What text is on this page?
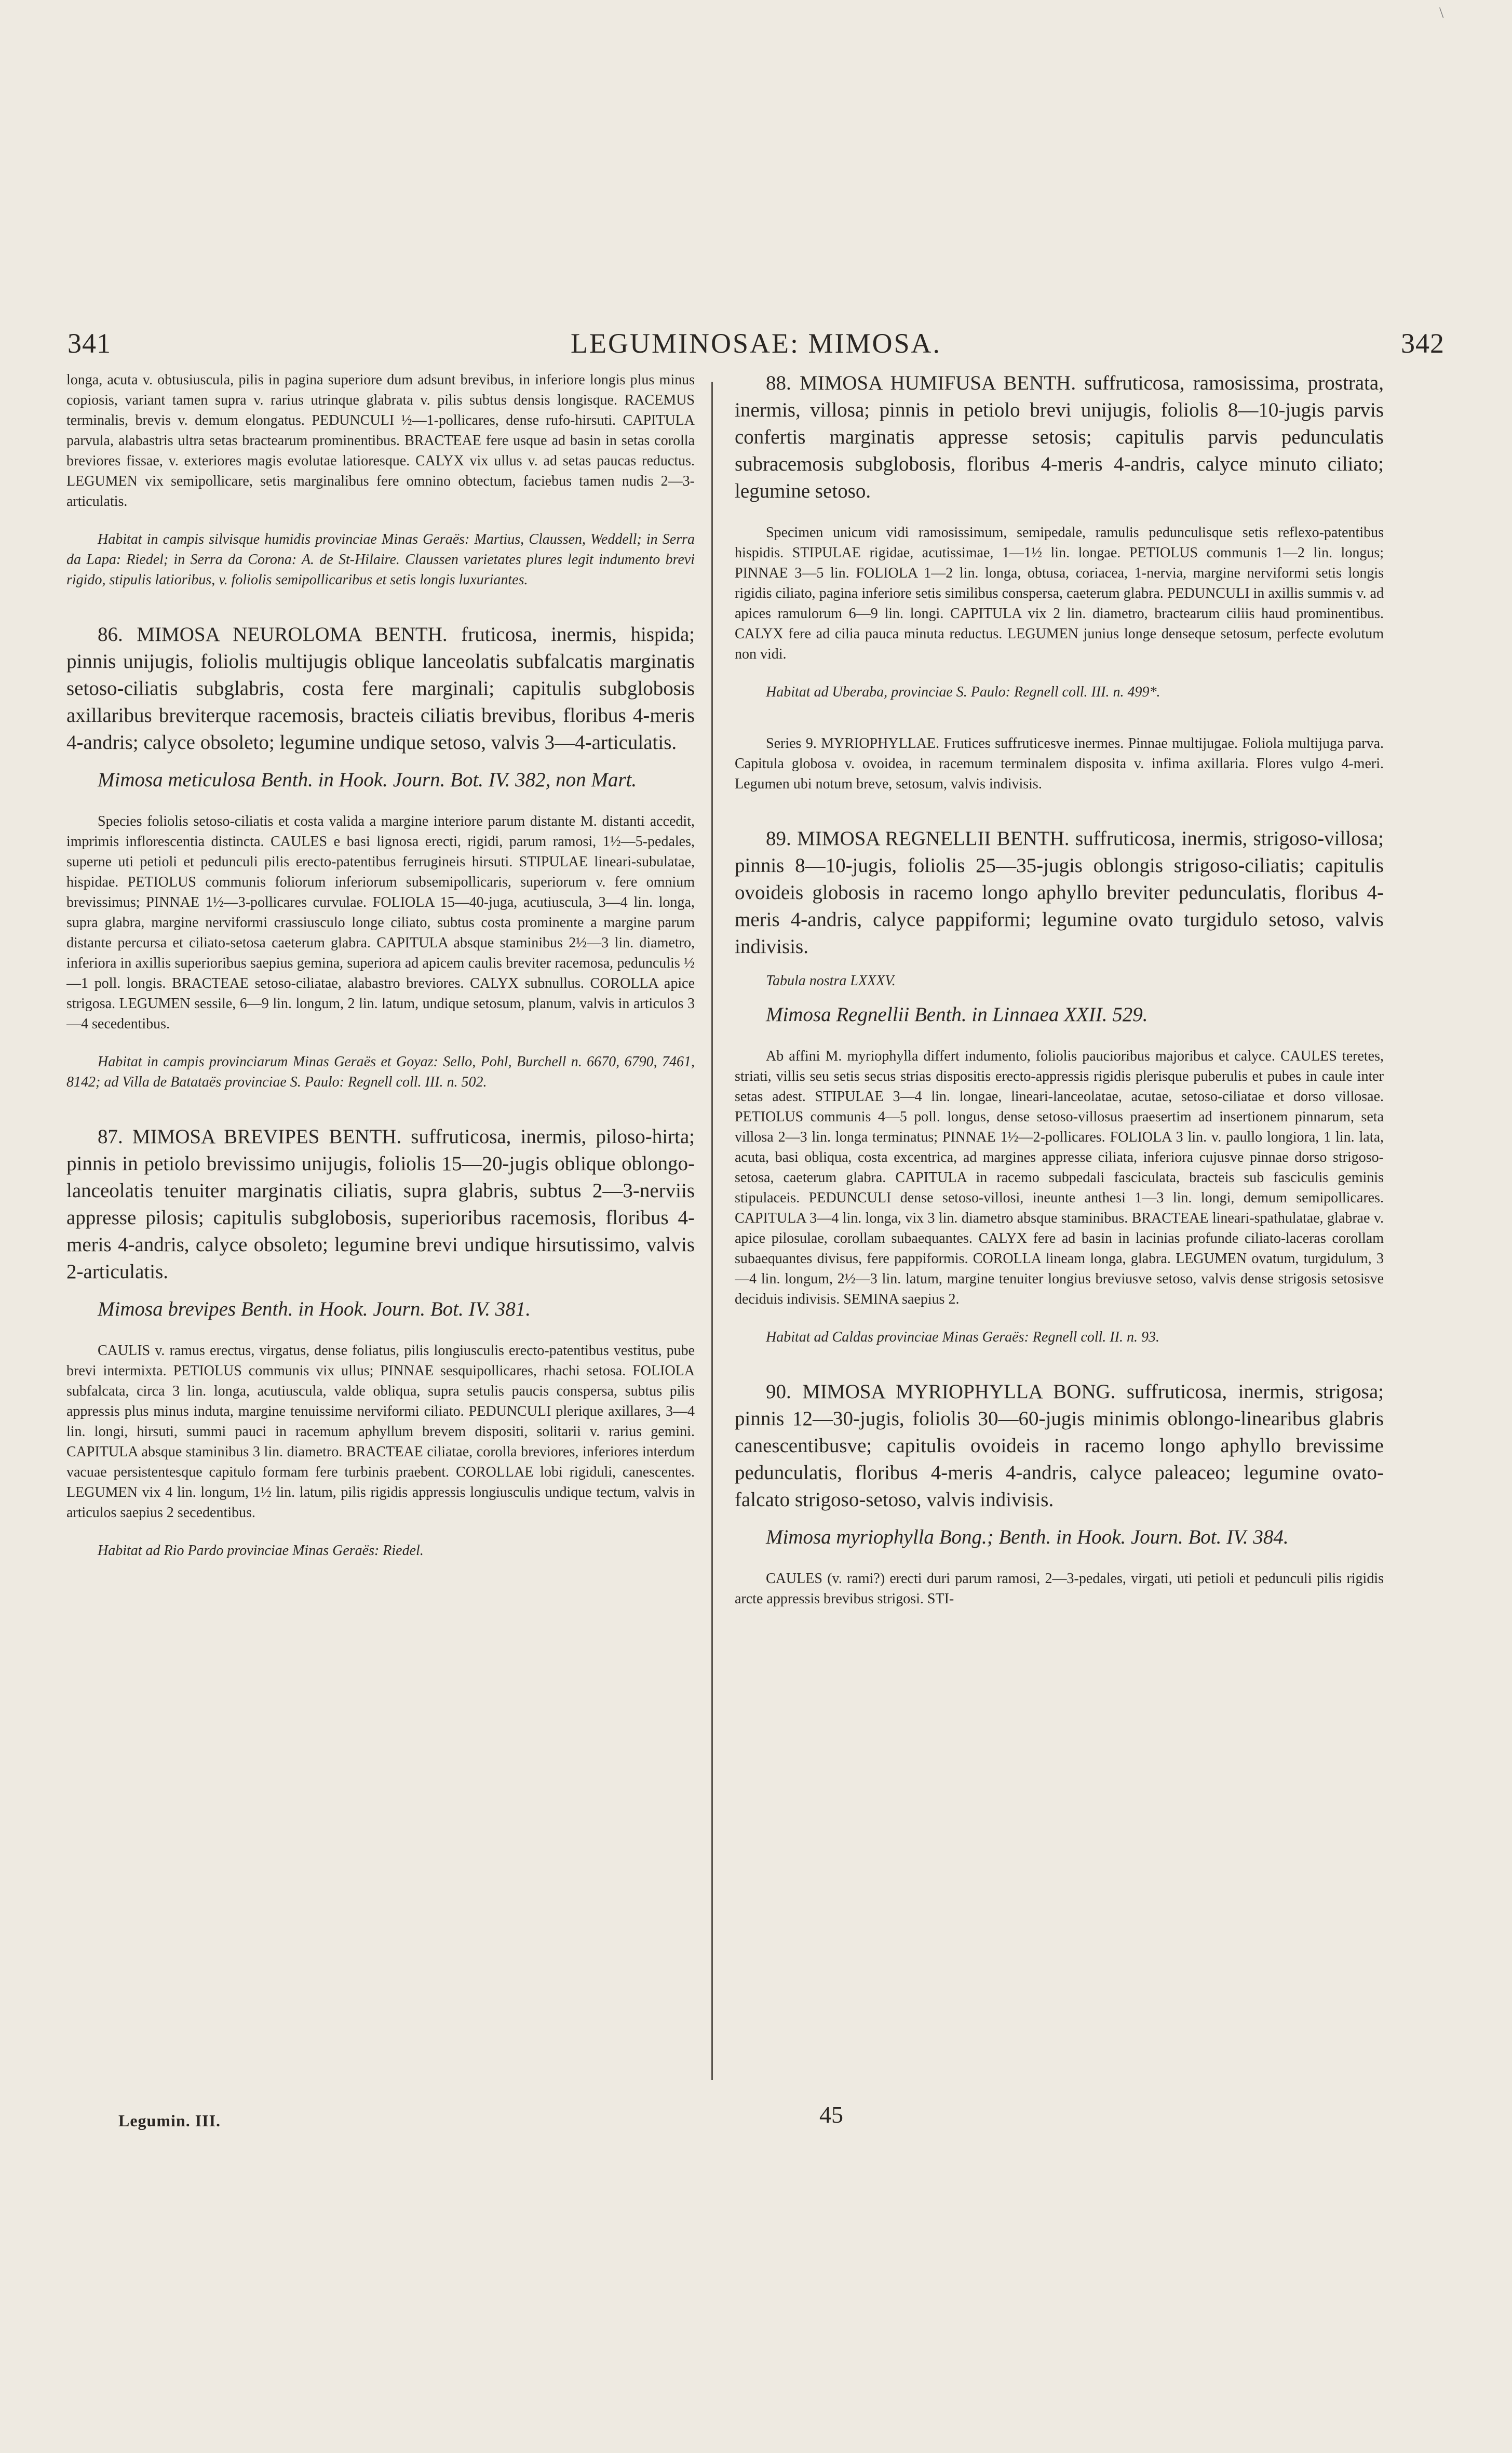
\
341	LEGUMINOSAE: MIMOSA.	342

longa, acuta v. obtusiuscula, pilis in pagina superiore dum adsunt brevibus, in inferiore longis plus minus copiosis, variant tamen supra v. rarius utrinque glabrata v. pilis subtus densis longisque. RACEMUS terminalis, brevis v. demum elongatus. PEDUNCULI ½—1-pollicares, dense rufo-hirsuti. CAPITULA parvula, alabastris ultra setas bractearum prominentibus. BRACTEAE fere usque ad basin in setas corolla breviores fissae, v. exteriores magis evolutae latioresque. CALYX vix ullus v. ad setas paucas reductus. LEGUMEN vix semipollicare, setis marginalibus fere omnino obtectum, faciebus tamen nudis 2—3-articulatis.

Habitat in campis silvisque humidis provinciae Minas Geraës: Martius, Claussen, Weddell; in Serra da Lapa: Riedel; in Serra da Corona: A. de St-Hilaire. Claussen varietates plures legit indumento brevi rigido, stipulis latioribus, v. foliolis semipollicaribus et setis longis luxuriantes.

86. MIMOSA NEUROLOMA BENTH. fruticosa, inermis, hispida; pinnis unijugis, foliolis multijugis oblique lanceolatis subfalcatis marginatis setoso-ciliatis subglabris, costa fere marginali; capitulis subglobosis axillaribus breviterque racemosis, bracteis ciliatis brevibus, floribus 4-meris 4-andris; calyce obsoleto; legumine undique setoso, valvis 3—4-articulatis.

Mimosa meticulosa Benth. in Hook. Journ. Bot. IV. 382, non Mart.

Species foliolis setoso-ciliatis et costa valida a margine interiore parum distante M. distanti accedit, imprimis inflorescentia distincta. CAULES e basi lignosa erecti, rigidi, parum ramosi, 1½—5-pedales, superne uti petioli et pedunculi pilis erecto-patentibus ferrugineis hirsuti. STIPULAE lineari-subulatae, hispidae. PETIOLUS communis foliorum inferiorum subsemipollicaris, superiorum v. fere omnium brevissimus; PINNAE 1½—3-pollicares curvulae. FOLIOLA 15—40-juga, acutiuscula, 3—4 lin. longa, supra glabra, margine nerviformi crassiusculo longe ciliato, subtus costa prominente a margine parum distante percursa et ciliato-setosa caeterum glabra. CAPITULA absque staminibus 2½—3 lin. diametro, inferiora in axillis superioribus saepius gemina, superiora ad apicem caulis breviter racemosa, pedunculis ½—1 poll. longis. BRACTEAE setoso-ciliatae, alabastro breviores. CALYX subnullus. COROLLA apice strigosa. LEGUMEN sessile, 6—9 lin. longum, 2 lin. latum, undique setosum, planum, valvis in articulos 3—4 secedentibus.

Habitat in campis provinciarum Minas Geraës et Goyaz: Sello, Pohl, Burchell n. 6670, 6790, 7461, 8142; ad Villa de Batataës provinciae S. Paulo: Regnell coll. III. n. 502.

87. MIMOSA BREVIPES BENTH. suffruticosa, inermis, piloso-hirta; pinnis in petiolo brevissimo unijugis, foliolis 15—20-jugis oblique oblongo-lanceolatis tenuiter marginatis ciliatis, supra glabris, subtus 2—3-nerviis appresse pilosis; capitulis subglobosis, superioribus racemosis, floribus 4-meris 4-andris, calyce obsoleto; legumine brevi undique hirsutissimo, valvis 2-articulatis.

Mimosa brevipes Benth. in Hook. Journ. Bot. IV. 381.

CAULIS v. ramus erectus, virgatus, dense foliatus, pilis longiusculis erecto-patentibus vestitus, pube brevi intermixta. PETIOLUS communis vix ullus; PINNAE sesquipollicares, rhachi setosa. FOLIOLA subfalcata, circa 3 lin. longa, acutiuscula, valde obliqua, supra setulis paucis conspersa, subtus pilis appressis plus minus induta, margine tenuissime nerviformi ciliato. PEDUNCULI plerique axillares, 3—4 lin. longi, hirsuti, summi pauci in racemum aphyllum brevem dispositi, solitarii v. rarius gemini. CAPITULA absque staminibus 3 lin. diametro. BRACTEAE ciliatae, corolla breviores, inferiores interdum vacuae persistentesque capitulo formam fere turbinis praebent. COROLLAE lobi rigiduli, canescentes. LEGUMEN vix 4 lin. longum, 1½ lin. latum, pilis rigidis appressis longiusculis undique tectum, valvis in articulos saepius 2 secedentibus.

Habitat ad Rio Pardo provinciae Minas Geraës: Riedel.

88. MIMOSA HUMIFUSA BENTH. suffruticosa, ramosissima, prostrata, inermis, villosa; pinnis in petiolo brevi unijugis, foliolis 8—10-jugis parvis confertis marginatis appresse setosis; capitulis parvis pedunculatis subracemosis subglobosis, floribus 4-meris 4-andris, calyce minuto ciliato; legumine setoso.

Specimen unicum vidi ramosissimum, semipedale, ramulis pedunculisque setis reflexo-patentibus hispidis. STIPULAE rigidae, acutissimae, 1—1½ lin. longae. PETIOLUS communis 1—2 lin. longus; PINNAE 3—5 lin. FOLIOLA 1—2 lin. longa, obtusa, coriacea, 1-nervia, margine nerviformi setis longis rigidis ciliato, pagina inferiore setis similibus conspersa, caeterum glabra. PEDUNCULI in axillis summis v. ad apices ramulorum 6—9 lin. longi. CAPITULA vix 2 lin. diametro, bractearum ciliis haud prominentibus. CALYX fere ad cilia pauca minuta reductus. LEGUMEN junius longe denseque setosum, perfecte evolutum non vidi.

Habitat ad Uberaba, provinciae S. Paulo: Regnell coll. III. n. 499*.

Series 9. MYRIOPHYLLAE. Frutices suffruticesve inermes. Pinnae multijugae. Foliola multijuga parva. Capitula globosa v. ovoidea, in racemum terminalem disposita v. infima axillaria. Flores vulgo 4-meri. Legumen ubi notum breve, setosum, valvis indivisis.

89. MIMOSA REGNELLII BENTH. suffruticosa, inermis, strigoso-villosa; pinnis 8—10-jugis, foliolis 25—35-jugis oblongis strigoso-ciliatis; capitulis ovoideis globosis in racemo longo aphyllo breviter pedunculatis, floribus 4-meris 4-andris, calyce pappiformi; legumine ovato turgidulo setoso, valvis indivisis.

Tabula nostra LXXXV.

Mimosa Regnellii Benth. in Linnaea XXII. 529.

Ab affini M. myriophylla differt indumento, foliolis paucioribus majoribus et calyce. CAULES teretes, striati, villis seu setis secus strias dispositis erecto-appressis rigidis plerisque puberulis et pubes in caule inter setas adest. STIPULAE 3—4 lin. longae, lineari-lanceolatae, acutae, setoso-ciliatae et dorso villosae. PETIOLUS communis 4—5 poll. longus, dense setoso-villosus praesertim ad insertionem pinnarum, seta villosa 2—3 lin. longa terminatus; PINNAE 1½—2-pollicares. FOLIOLA 3 lin. v. paullo longiora, 1 lin. lata, acuta, basi obliqua, costa excentrica, ad margines appresse ciliata, inferiora cujusve pinnae dorso strigoso-setosa, caeterum glabra. CAPITULA in racemo subpedali fasciculata, bracteis sub fasciculis geminis stipulaceis. PEDUNCULI dense setoso-villosi, ineunte anthesi 1—3 lin. longi, demum semipollicares. CAPITULA 3—4 lin. longa, vix 3 lin. diametro absque staminibus. BRACTEAE lineari-spathulatae, glabrae v. apice pilosulae, corollam subaequantes. CALYX fere ad basin in lacinias profunde ciliato-laceras corollam subaequantes divisus, fere pappiformis. COROLLA lineam longa, glabra. LEGUMEN ovatum, turgidulum, 3—4 lin. longum, 2½—3 lin. latum, margine tenuiter longius breviusve setoso, valvis dense strigosis setosisve deciduis indivisis. SEMINA saepius 2.

Habitat ad Caldas provinciae Minas Geraës: Regnell coll. II. n. 93.

90. MIMOSA MYRIOPHYLLA BONG. suffruticosa, inermis, strigosa; pinnis 12—30-jugis, foliolis 30—60-jugis minimis oblongo-linearibus glabris canescentibusve; capitulis ovoideis in racemo longo aphyllo brevissime pedunculatis, floribus 4-meris 4-andris, calyce paleaceo; legumine ovato-falcato strigoso-setoso, valvis indivisis.

Mimosa myriophylla Bong.; Benth. in Hook. Journ. Bot. IV. 384.

CAULES (v. rami?) erecti duri parum ramosi, 2—3-pedales, virgati, uti petioli et pedunculi pilis rigidis arcte appressis brevibus strigosi. STI-

Legumin. III.	45
